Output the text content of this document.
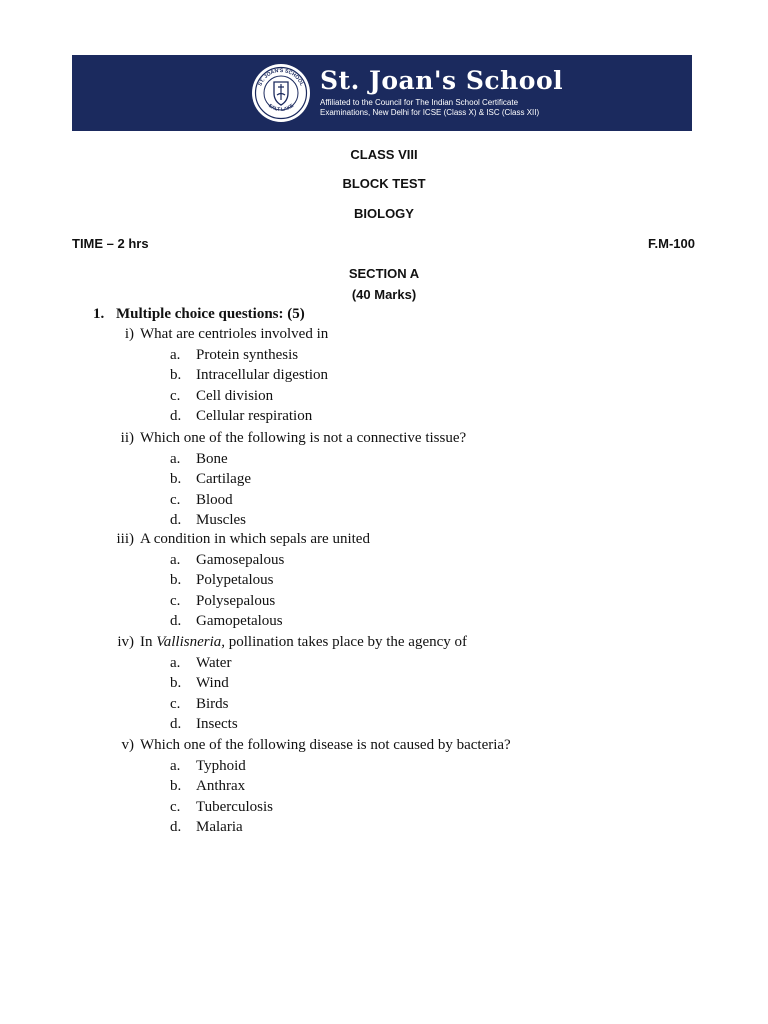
ST. JOAN'S SCHOOL
SALT LAKE
St. Joan's School
Affiliated to the Council for The Indian School Certificate
Examinations, New Delhi for ICSE (Class X) & ISC (Class XII)
CLASS VIII
BLOCK TEST
BIOLOGY
TIME – 2 hrs	F.M-100
SECTION A
(40 Marks)
1. Multiple choice questions: (5)
i) What are centrioles involved in
a. Protein synthesis
b. Intracellular digestion
c. Cell division
d. Cellular respiration
ii) Which one of the following is not a connective tissue?
a. Bone
b. Cartilage
c. Blood
d. Muscles
iii) A condition in which sepals are united
a. Gamosepalous
b. Polypetalous
c. Polysepalous
d. Gamopetalous
iv) In Vallisneria, pollination takes place by the agency of
a. Water
b. Wind
c. Birds
d. Insects
v) Which one of the following disease is not caused by bacteria?
a. Typhoid
b. Anthrax
c. Tuberculosis
d. Malaria
